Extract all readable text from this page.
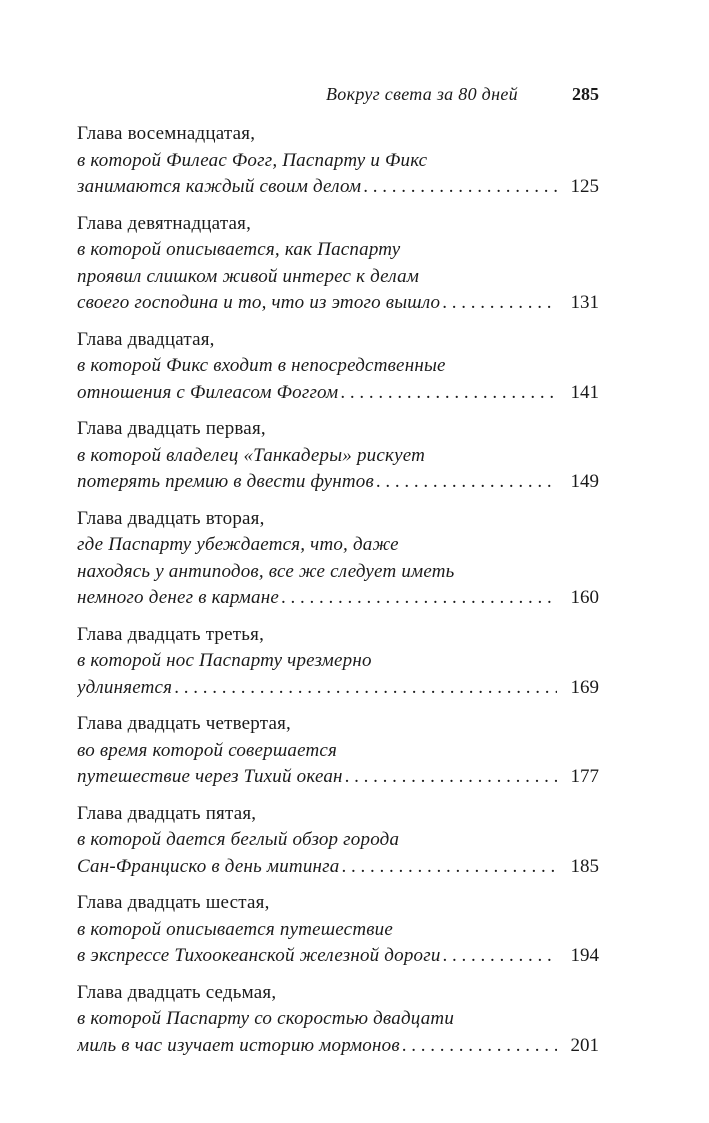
Вокруг света за 80 дней	285
Глава восемнадцатая,
в которой Филеас Фогг, Паспарту и Фикс
занимаются каждый своим делом . . .	125
Глава девятнадцатая,
в которой описывается, как Паспарту
проявил слишком живой интерес к делам
своего господина и то, что из этого вышло . . .	131
Глава двадцатая,
в которой Фикс входит в непосредственные
отношения с Филеасом Фоггом . . .	141
Глава двадцать первая,
в которой владелец «Танкадеры» рискует
потерять премию в двести фунтов . . .	149
Глава двадцать вторая,
где Паспарту убеждается, что, даже
находясь у антиподов, все же следует иметь
немного денег в кармане . . .	160
Глава двадцать третья,
в которой нос Паспарту чрезмерно
удлиняется . . .	169
Глава двадцать четвертая,
во время которой совершается
путешествие через Тихий океан . . .	177
Глава двадцать пятая,
в которой дается беглый обзор города
Сан-Франциско в день митинга . . .	185
Глава двадцать шестая,
в которой описывается путешествие
в экспрессе Тихоокеанской железной дороги . . .	194
Глава двадцать седьмая,
в которой Паспарту со скоростью двадцати
миль в час изучает историю мормонов . . .	201
